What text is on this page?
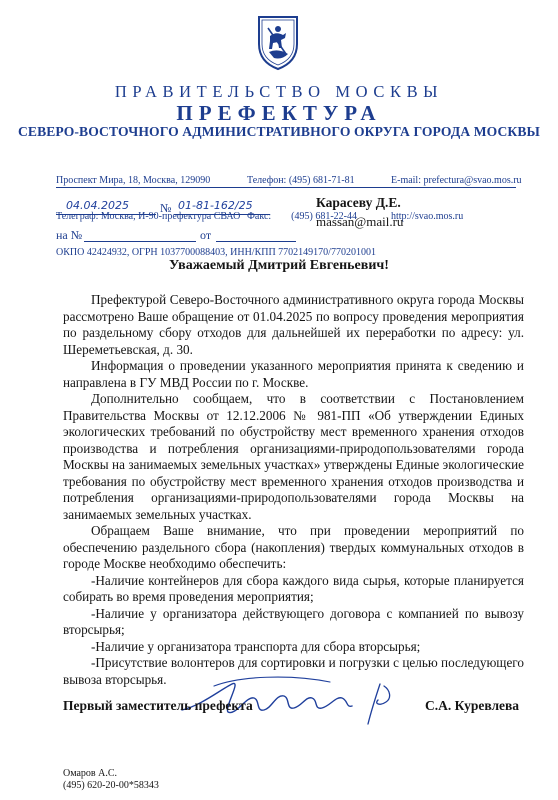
ПРАВИТЕЛЬСТВО МОСКВЫ
ПРЕФЕКТУРА
СЕВЕРО-ВОСТОЧНОГО АДМИНИСТРАТИВНОГО ОКРУГА ГОРОДА МОСКВЫ

Проспект Мира, 18, Москва, 129090

Телеграф: Москва, И-90-префектура СВАО

ОКПО 42424932, ОГРН 1037700088403, ИНН/КПП 7702149170/770201001

Телефон: (495) 681-71-81

Факс:        (495) 681-22-44

E-mail: prefectura@svao.mos.ru

http://svao.mos.ru

04.04.2025	№ 01-81-162/25
на №	от
Карасеву Д.Е.
massan@mail.ru
Уважаемый Дмитрий Евгеньевич!

Префектурой Северо-Восточного административного округа города Москвы рассмотрено Ваше обращение от 01.04.2025 по вопросу проведения мероприятия по раздельному сбору отходов для дальнейшей их переработки по адресу: ул. Шереметьевская, д. 30.

Информация о проведении указанного мероприятия принята к сведению и направлена в ГУ МВД России по г. Москве.

Дополнительно сообщаем, что в соответствии с Постановлением Правительства Москвы от 12.12.2006 № 981-ПП «Об утверждении Единых экологических требований по обустройству мест временного хранения отходов производства и потребления организациями-природопользователями города Москвы на занимаемых земельных участках» утверждены Единые экологические требования по обустройству мест временного хранения отходов производства и потребления организациями-природопользователями города Москвы на занимаемых земельных участках.

Обращаем Ваше внимание, что при проведении мероприятий по обеспечению раздельного сбора (накопления) твердых коммунальных отходов в городе Москве необходимо обеспечить:

-Наличие контейнеров для сбора каждого вида сырья, которые планируется собирать во время проведения мероприятия;

-Наличие у организатора действующего договора с компанией по вывозу вторсырья;

-Наличие у организатора транспорта для сбора вторсырья;

-Присутствие волонтеров для сортировки и погрузки с целью последующего вывоза вторсырья.

Первый заместитель префекта	С.А. Куревлева
Омаров А.С.
(495) 620-20-00*58343
